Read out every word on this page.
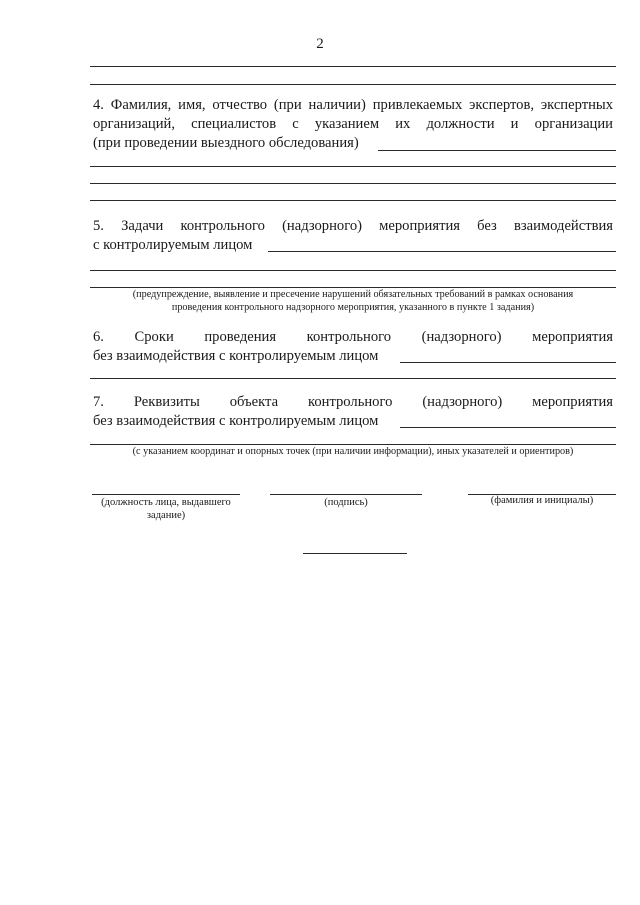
2
4. Фамилия, имя, отчество (при наличии) привлекаемых экспертов, экспертных
организаций, специалистов с указанием их должности и организации
(при проведении выездного обследования)
5. Задачи контрольного (надзорного) мероприятия без взаимодействия
с контролируемым лицом
(предупреждение, выявление и пресечение нарушений обязательных требований в рамках основания
проведения контрольного надзорного мероприятия, указанного в пункте 1 задания)
6. Сроки проведения контрольного (надзорного) мероприятия
без взаимодействия с контролируемым лицом
7. Реквизиты объекта контрольного (надзорного) мероприятия
без взаимодействия с контролируемым лицом
(с указанием координат и опорных точек (при наличии информации), иных указателей и ориентиров)
(должность лица, выдавшего
задание)
(подпись)	(фамилия и инициалы)
